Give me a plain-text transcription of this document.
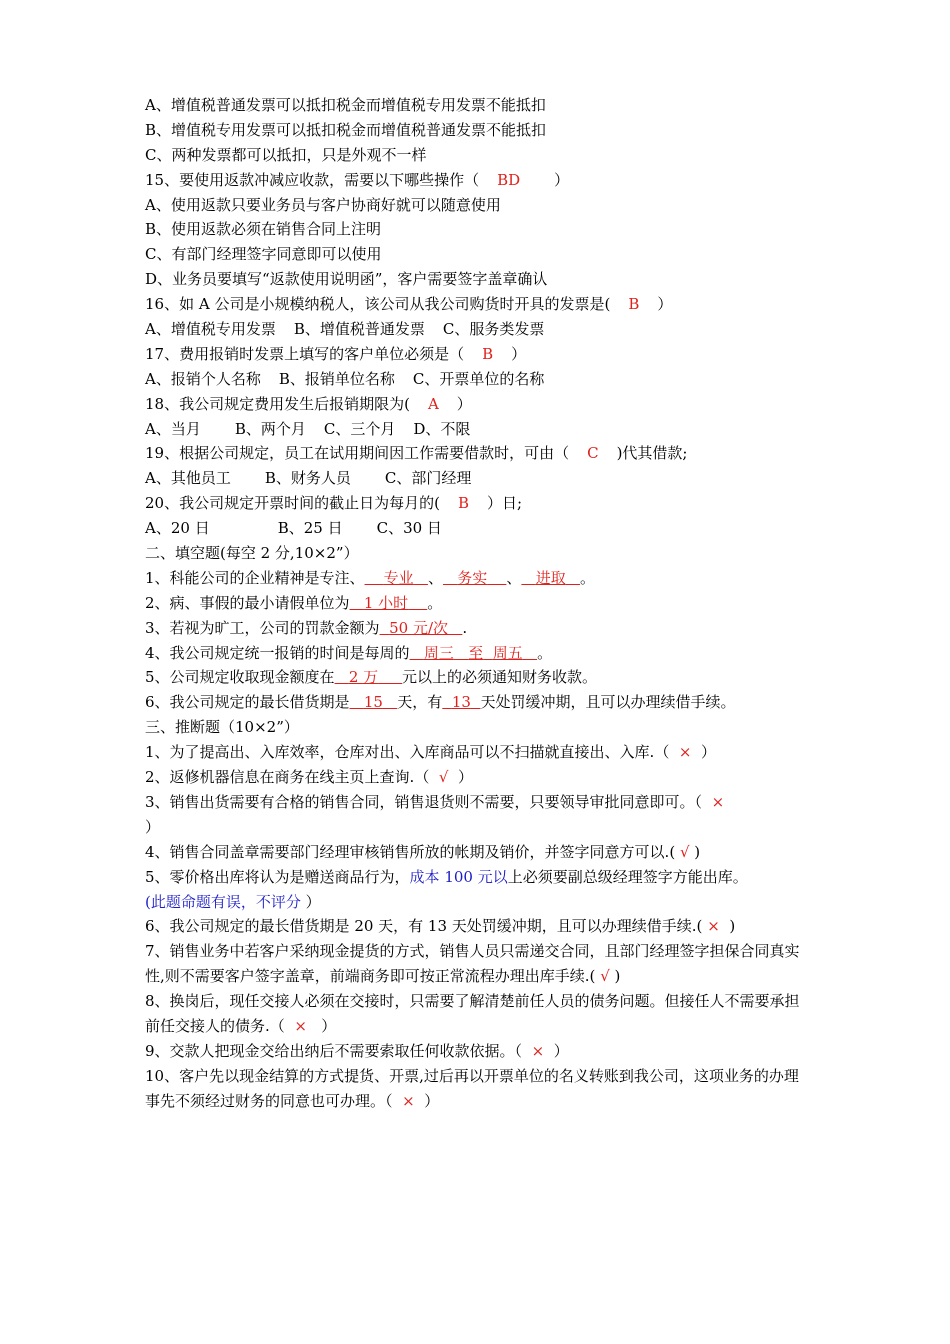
A、增值税普通发票可以抵扣税金而增值税专用发票不能抵扣
B、增值税专用发票可以抵扣税金而增值税普通发票不能抵扣
C、两种发票都可以抵扣，只是外观不一样
15、要使用返款冲减应收款，需要以下哪些操作（ BD ）
A、使用返款只要业务员与客户协商好就可以随意使用
B、使用返款必须在销售合同上注明
C、有部门经理签字同意即可以使用
D、业务员要填写“返款使用说明函”，客户需要签字盖章确认
16、如 A 公司是小规模纳税人，该公司从我公司购货时开具的发票是( B ）
A、增值税专用发票 B、增值税普通发票 C、服务类发票
17、费用报销时发票上填写的客户单位必须是（ B ）
A、报销个人名称 B、报销单位名称 C、开票单位的名称
18、我公司规定费用发生后报销期限为( A ）
A、当月 B、两个月 C、三个月 D、不限
19、根据公司规定，员工在试用期间因工作需要借款时，可由（ C )代其借款;
A、其他员工 B、财务人员 C、部门经理
20、我公司规定开票时间的截止日为每月的( B ）日;
A、20 日	B、25 日 C、30 日
二、填空题(每空 2 分,10×2”）
1、科能公司的企业精神是专注、 专业 、 务实 、 进取 。
2、病、事假的最小请假单位为 1 小时 。
3、若视为旷工，公司的罚款金额为 50 元/次 .
4、我公司规定统一报销的时间是每周的 周三 至 周五 。
5、公司规定收取现金额度在 2 万 元以上的必须通知财务收款。
6、我公司规定的最长借货期是 15 天，有 13 天处罚缓冲期，且可以办理续借手续。
三、推断题（10×2”）
1、为了提高出、入库效率，仓库对出、入库商品可以不扫描就直接出、入库.（ × ）
2、返修机器信息在商务在线主页上查询.（ √ ）
3、销售出货需要有合格的销售合同，销售退货则不需要，只要领导审批同意即可。（ ×
）
4、销售合同盖章需要部门经理审核销售所放的帐期及销价，并签字同意方可以.( √ )
5、零价格出库将认为是赠送商品行为，成本 100 元以上必须要副总级经理签字方能出库。
(此题命题有误，不评分 ）
6、我公司规定的最长借货期是 20 天，有 13 天处罚缓冲期，且可以办理续借手续.( × )
7、销售业务中若客户采纳现金提货的方式，销售人员只需递交合同，且部门经理签字担保合同真实性,则不需要客户签字盖章，前端商务即可按正常流程办理出库手续.( √ )
8、换岗后，现任交接人必须在交接时，只需要了解清楚前任人员的债务问题。但接任人不需要承担前任交接人的债务.（ × ）
9、交款人把现金交给出纳后不需要索取任何收款依据。（ × ）
10、客户先以现金结算的方式提货、开票,过后再以开票单位的名义转账到我公司，这项业务的办理事先不须经过财务的同意也可办理。（ × ）
